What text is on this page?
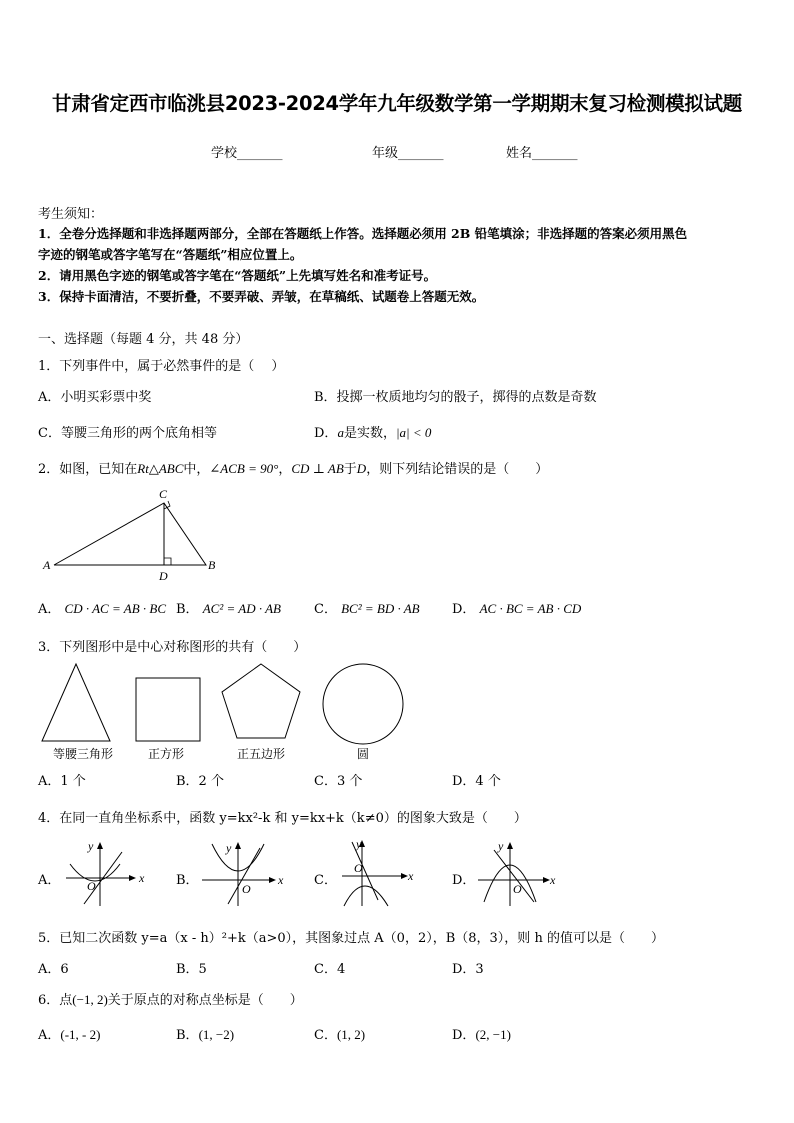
甘肃省定西市临洮县2023-2024学年九年级数学第一学期期末复习检测模拟试题
学校_______	年级_______	姓名_______
考生须知：
1．全卷分选择题和非选择题两部分，全部在答题纸上作答。选择题必须用 2B 铅笔填涂；非选择题的答案必须用黑色
字迹的钢笔或答字笔写在“答题纸”相应位置上。
2．请用黑色字迹的钢笔或答字笔在“答题纸”上先填写姓名和准考证号。
3．保持卡面清洁，不要折叠，不要弄破、弄皱，在草稿纸、试题卷上答题无效。
一、选择题（每题 4 分，共 48 分）
1．下列事件中，属于必然事件的是（　 ）
A．小明买彩票中奖	B．投掷一枚质地均匀的骰子，掷得的点数是奇数
C．等腰三角形的两个底角相等	D．a是实数，|a| < 0
2．如图，已知在Rt△ABC中，∠ACB = 90°，CD ⊥ AB于D，则下列结论错误的是（　　）
A	B
C
D
A． CD · AC = AB · BC B． AC² = AD · AB	C． BC² = BD · AB D． AC · BC = AB · CD
3．下列图形中是中心对称图形的共有（　　）
等腰三角形	正方形	正五边形	圆
A．1 个	B．2 个	C．3 个	D．4 个
4．在同一直角坐标系中，函数 y=kx²-k 和 y=kx+k（k≠0）的图象大致是（　　）
A．	x
y
O	B．	x
y
O
C．	x
y
O
D．	x
y
O
5．已知二次函数 y=a（x - h）²+k（a>0），其图象过点 A（0，2），B（8，3），则 h 的值可以是（　　）
A．6	B．5	C．4	D．3
6．点(−1, 2)关于原点的对称点坐标是（　　）
A．(-1, - 2)	B．(1, −2)	C．(1, 2)	D．(2, −1)
